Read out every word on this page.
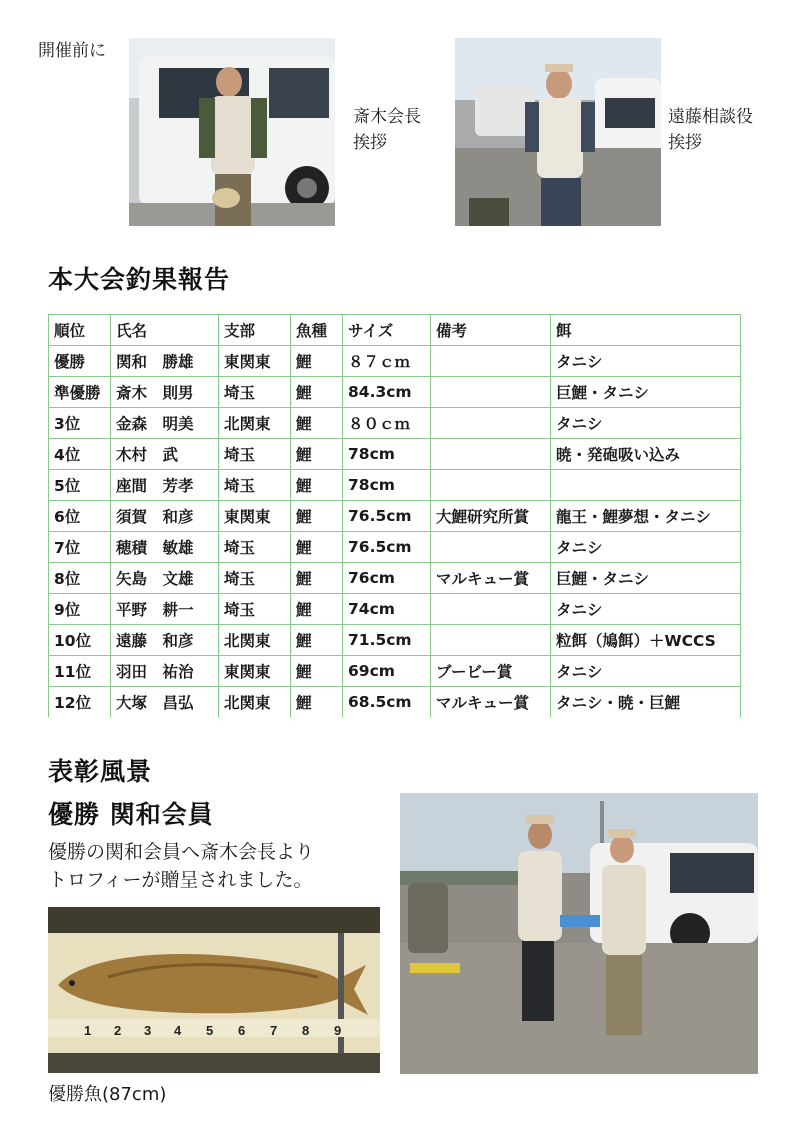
開催前に
斎木会長
挨拶
遠藤相談役
挨拶
本大会釣果報告
順位	氏名	支部	魚種	サイズ	備考	餌
優勝	関和　勝雄	東関東	鯉	８７ｃｍ		タニシ
準優勝	斎木　則男	埼玉	鯉	84.3cm		巨鯉・タニシ
3位	金森　明美	北関東	鯉	８０ｃｍ		タニシ
4位	木村　武	埼玉	鯉	78cm		暁・発砲吸い込み
5位	座間　芳孝	埼玉	鯉	78cm		
6位	須賀　和彦	東関東	鯉	76.5cm	大鯉研究所賞	龍王・鯉夢想・タニシ
7位	穂積　敏雄	埼玉	鯉	76.5cm		タニシ
8位	矢島　文雄	埼玉	鯉	76cm	マルキュー賞	巨鯉・タニシ
9位	平野　耕一	埼玉	鯉	74cm		タニシ
10位	遠藤　和彦	北関東	鯉	71.5cm		粒餌（鳩餌）＋WCCS
11位	羽田　祐治	東関東	鯉	69cm	ブービー賞	タニシ
12位	大塚　昌弘	北関東	鯉	68.5cm	マルキュー賞	タニシ・暁・巨鯉
表彰風景
優勝 関和会員
優勝の関和会員へ斎木会長より
トロフィーが贈呈されました。
1 2 3 4 5 6 7 8 9
優勝魚(87cm)
